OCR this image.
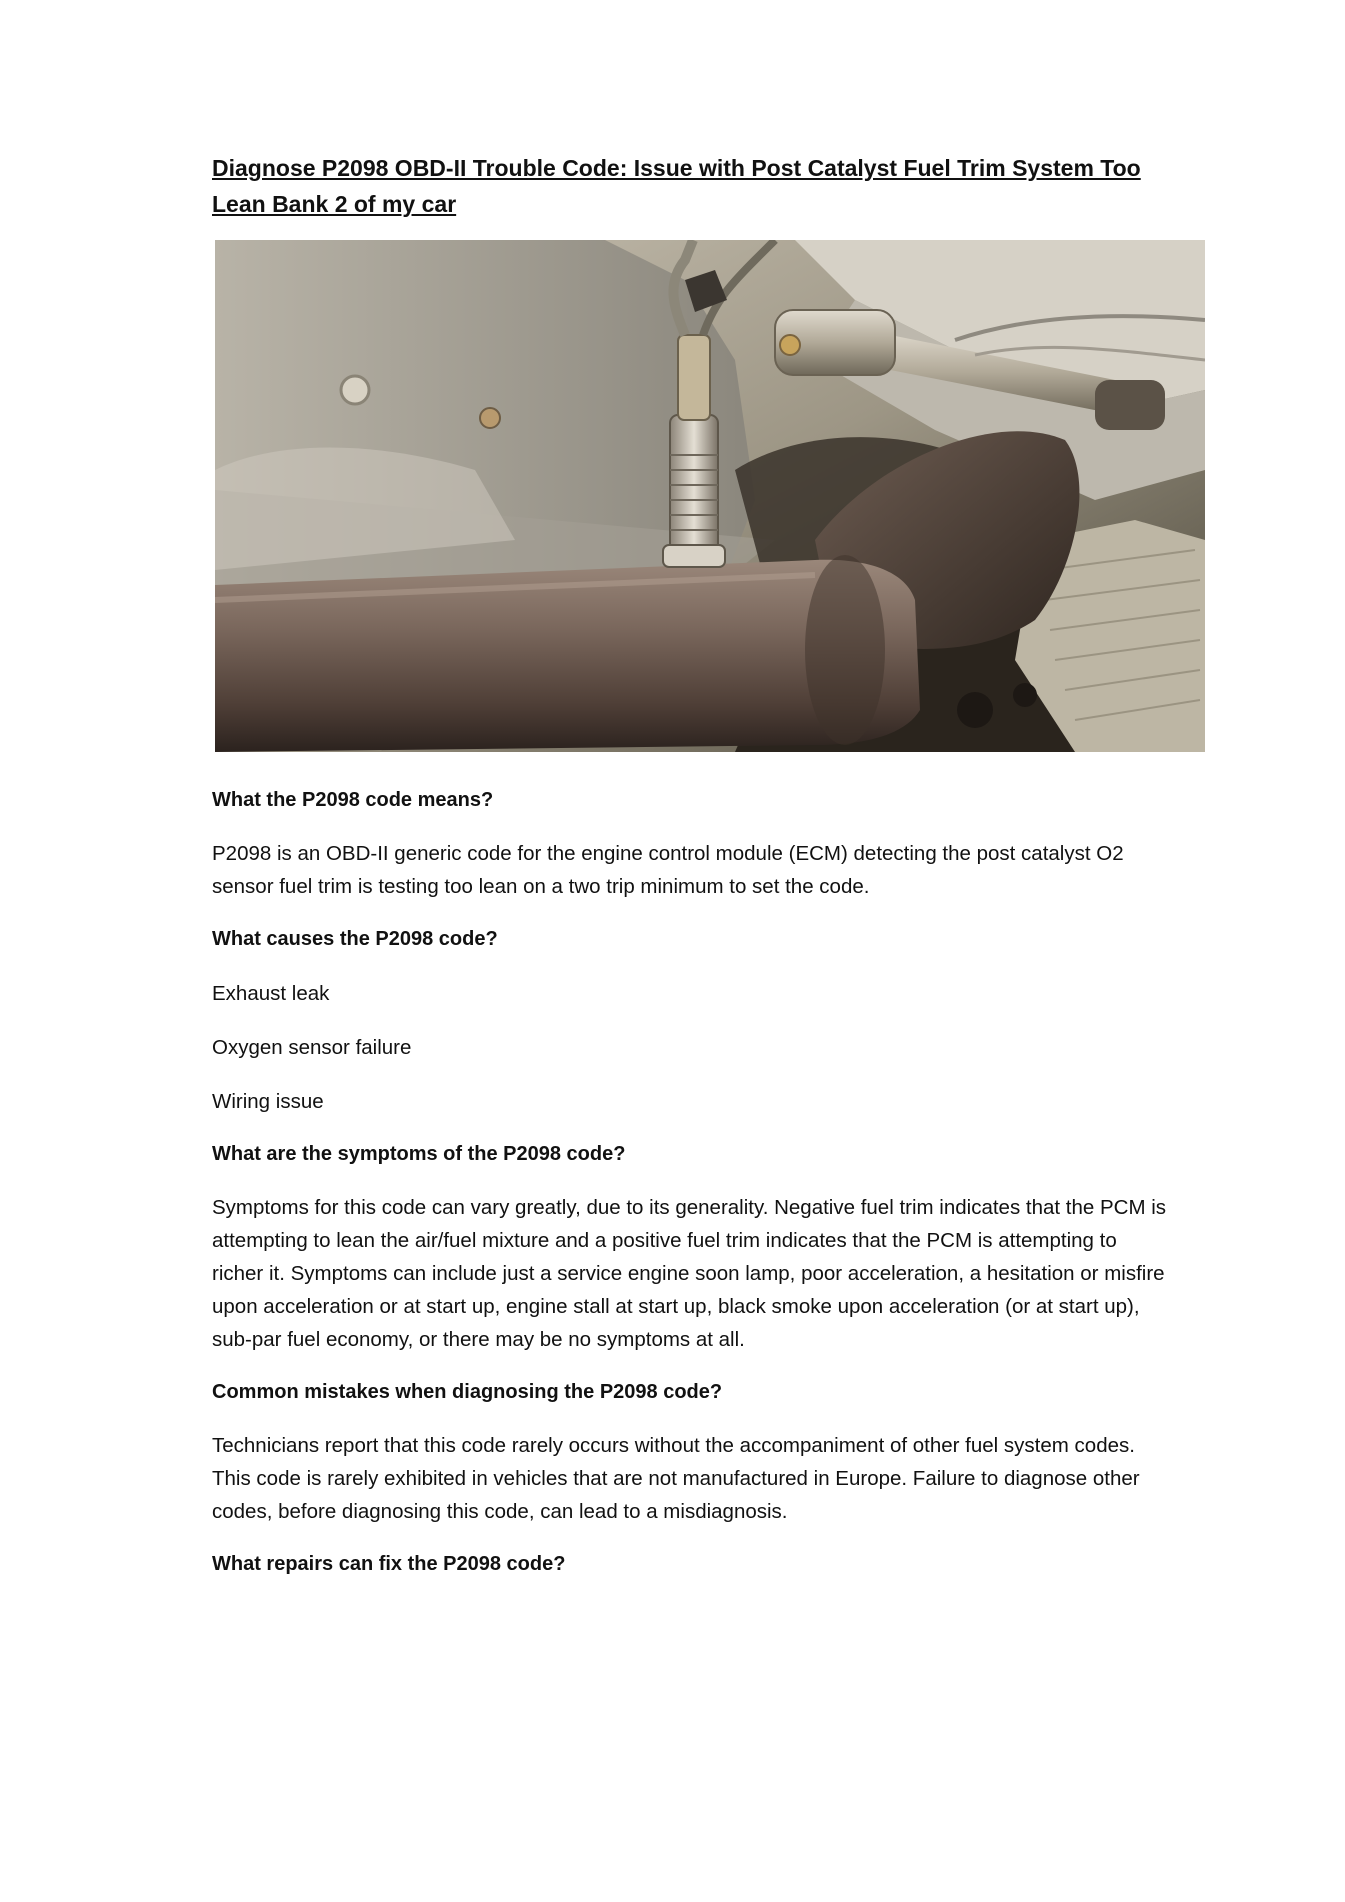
Diagnose P2098 OBD-II Trouble Code: Issue with Post Catalyst Fuel Trim System Too Lean Bank 2 of my car
What the P2098 code means?
P2098 is an OBD-II generic code for the engine control module (ECM) detecting the post catalyst O2 sensor fuel trim is testing too lean on a two trip minimum to set the code.
What causes the P2098 code?
Exhaust leak
Oxygen sensor failure
Wiring issue
What are the symptoms of the P2098 code?
Symptoms for this code can vary greatly, due to its generality. Negative fuel trim indicates that the PCM is attempting to lean the air/fuel mixture and a positive fuel trim indicates that the PCM is attempting to richer it. Symptoms can include just a service engine soon lamp, poor acceleration, a hesitation or misfire upon acceleration or at start up, engine stall at start up, black smoke upon acceleration (or at start up), sub-par fuel economy, or there may be no symptoms at all.
Common mistakes when diagnosing the P2098 code?
Technicians report that this code rarely occurs without the accompaniment of other fuel system codes. This code is rarely exhibited in vehicles that are not manufactured in Europe. Failure to diagnose other codes, before diagnosing this code, can lead to a misdiagnosis.
What repairs can fix the P2098 code?
